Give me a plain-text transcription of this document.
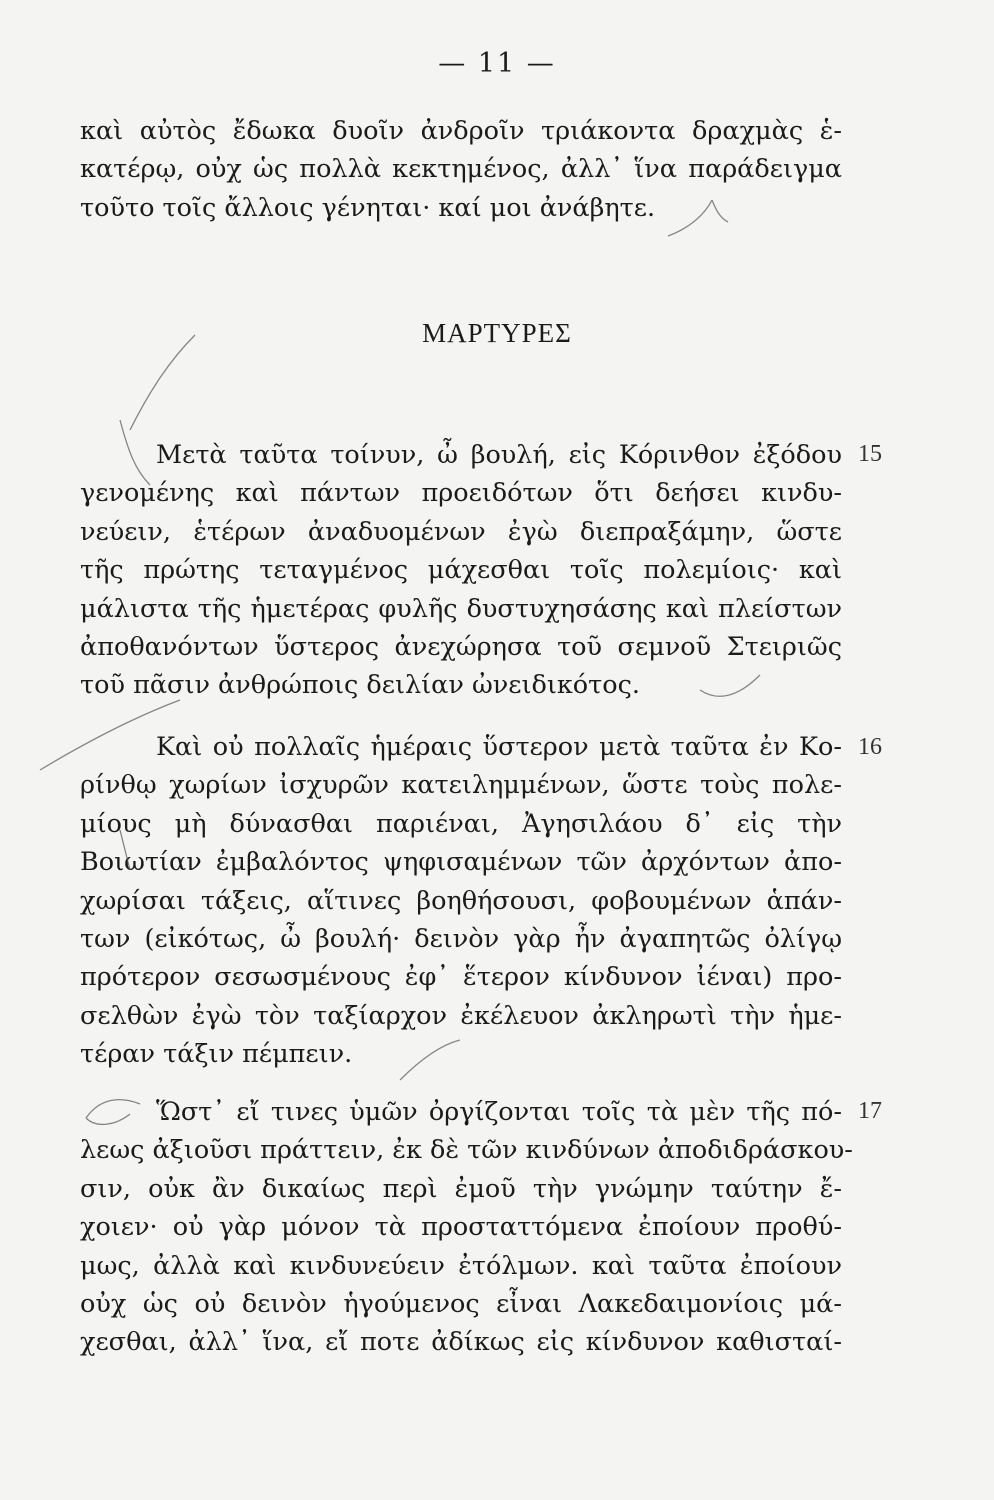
— 11 —
καὶ αὐτὸς ἔδωκα δυοῖν ἀνδροῖν τριάκοντα δραχμὰς ἑ-
κατέρῳ, οὐχ ὡς πολλὰ κεκτημένος, ἀλλ᾽ ἵνα παράδειγμα
τοῦτο τοῖς ἄλλοις γένηται· καί μοι ἀνάβητε.
ΜΑΡΤΥΡΕΣ
15
Μετὰ ταῦτα τοίνυν, ὦ βουλή, εἰς Κόρινθον ἐξόδου
γενομένης καὶ πάντων προειδότων ὅτι δεήσει κινδυ-
νεύειν, ἑτέρων ἀναδυομένων ἐγὼ διεπραξάμην, ὥστε
τῆς πρώτης τεταγμένος μάχεσθαι τοῖς πολεμίοις· καὶ
μάλιστα τῆς ἡμετέρας φυλῆς δυστυχησάσης καὶ πλείστων
ἀποθανόντων ὕστερος ἀνεχώρησα τοῦ σεμνοῦ Στειριῶς
τοῦ πᾶσιν ἀνθρώποις δειλίαν ὠνειδικότος.
16
Καὶ οὐ πολλαῖς ἡμέραις ὕστερον μετὰ ταῦτα ἐν Κο-
ρίνθῳ χωρίων ἰσχυρῶν κατειλημμένων, ὥστε τοὺς πολε-
μίους μὴ δύνασθαι παριέναι, Ἀγησιλάου δ᾽ εἰς τὴν
Βοιωτίαν ἐμβαλόντος ψηφισαμένων τῶν ἀρχόντων ἀπο-
χωρίσαι τάξεις, αἵτινες βοηθήσουσι, φοβουμένων ἁπάν-
των (εἰκότως, ὦ βουλή· δεινὸν γὰρ ἦν ἀγαπητῶς ὀλίγῳ
πρότερον σεσωσμένους ἐφ᾽ ἕτερον κίνδυνον ἰέναι) προ-
σελθὼν ἐγὼ τὸν ταξίαρχον ἐκέλευον ἀκληρωτὶ τὴν ἡμε-
τέραν τάξιν πέμπειν.
17
Ὥστ᾽ εἴ τινες ὑμῶν ὀργίζονται τοῖς τὰ μὲν τῆς πό-
λεως ἀξιοῦσι πράττειν, ἐκ δὲ τῶν κινδύνων ἀποδιδράσκου-
σιν, οὐκ ἂν δικαίως περὶ ἐμοῦ τὴν γνώμην ταύτην ἔ-
χοιεν· οὐ γὰρ μόνον τὰ προσταττόμενα ἐποίουν προθύ-
μως, ἀλλὰ καὶ κινδυνεύειν ἐτόλμων. καὶ ταῦτα ἐποίουν
οὐχ ὡς οὐ δεινὸν ἡγούμενος εἶναι Λακεδαιμονίοις μά-
χεσθαι, ἀλλ᾽ ἵνα, εἴ ποτε ἀδίκως εἰς κίνδυνον καθισταί-
